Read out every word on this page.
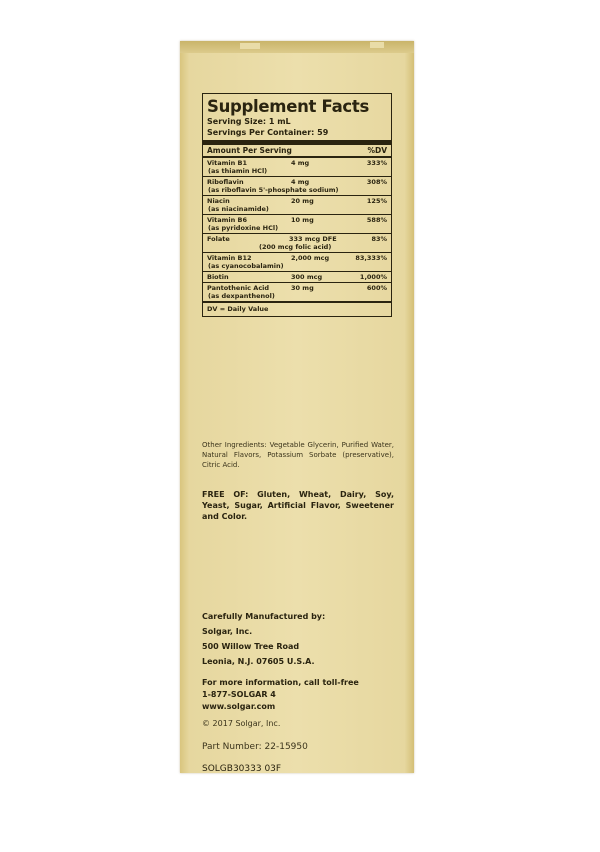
Supplement Facts
Serving Size: 1 mL
Servings Per Container: 59
Amount Per Serving	%DV
Vitamin B1	4 mg	333%
(as thiamin HCl)
Riboflavin	4 mg	308%
(as riboflavin 5'-phosphate sodium)
Niacin	20 mg	125%
(as niacinamide)
Vitamin B6	10 mg	588%
(as pyridoxine HCl)
Folate	333 mcg DFE	83%
(200 mcg folic acid)
Vitamin B12	2,000 mcg	83,333%
(as cyanocobalamin)
Biotin	300 mcg	1,000%
Pantothenic Acid	30 mg	600%
(as dexpanthenol)
DV = Daily Value
Other Ingredients: Vegetable Glycerin, Purified Water, Natural Flavors, Potassium Sorbate (preservative), Citric Acid.
FREE OF: Gluten, Wheat, Dairy, Soy, Yeast, Sugar, Artificial Flavor, Sweetener and Color.
Carefully Manufactured by:
Solgar, Inc.
500 Willow Tree Road
Leonia, N.J. 07605 U.S.A.
For more information, call toll-free
1-877-SOLGAR 4
www.solgar.com
© 2017 Solgar, Inc.
Part Number: 22-15950
SOLGB30333 03F
